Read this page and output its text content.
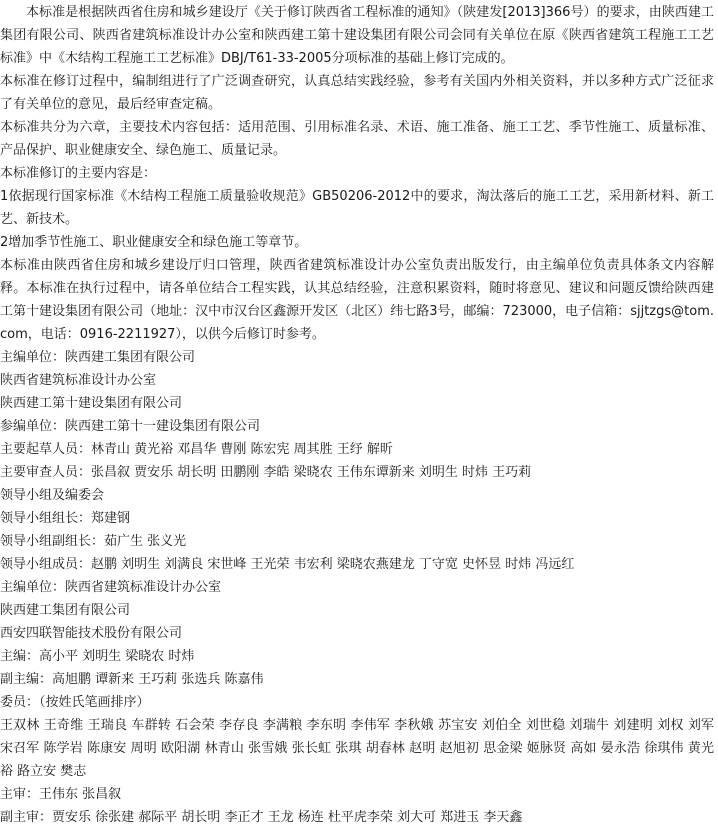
本标准是根据陕西省住房和城乡建设厅《关于修订陕西省工程标准的通知》（陕建发[2013]366号）的要求，由陕西建工集团有限公司、陕西省建筑标准设计办公室和陕西建工第十建设集团有限公司会同有关单位在原《陕西省建筑工程施工工艺标准》中《木结构工程施工工艺标准》DBJ/T61-33-2005分项标准的基础上修订完成的。

本标准在修订过程中，编制组进行了广泛调查研究，认真总结实践经验，参考有关国内外相关资料，并以多种方式广泛征求了有关单位的意见，最后经审查定稿。

本标准共分为六章，主要技术内容包括：适用范围、引用标准名录、术语、施工准备、施工工艺、季节性施工、质量标准、产品保护、职业健康安全、绿色施工、质量记录。

本标准修订的主要内容是：

1依据现行国家标准《木结构工程施工质量验收规范》GB50206-2012中的要求，淘汰落后的施工工艺，采用新材料、新工艺、新技术。

2增加季节性施工、职业健康安全和绿色施工等章节。

本标准由陕西省住房和城乡建设厅归口管理，陕西省建筑标准设计办公室负责出版发行，由主编单位负责具体条文内容解释。本标准在执行过程中，请各单位结合工程实践，认其总结经验，注意积累资料，随时将意见、建议和问题反馈给陕西建工第十建设集团有限公司（地址：汉中市汉台区鑫源开发区（北区）纬七路3号，邮编：723000，电子信箱：sjjtzgs@tom.com，电话：0916-2211927），以供今后修订时参考。

主编单位：陕西建工集团有限公司

陕西省建筑标准设计办公室

陕西建工第十建设集团有限公司

参编单位：陕西建工第十一建设集团有限公司

主要起草人员：林青山 黄光裕 邓昌华 曹刚 陈宏宪 周其胜 王纾 解昕

主要审查人员：张昌叙 贾安乐 胡长明 田鹏刚 李皓 梁晓农 王伟东谭新来 刘明生 时炜 王巧莉

领导小组及编委会

领导小组组长：郑建钢

领导小组副组长：茹广生 张义光

领导小组成员：赵鹏 刘明生 刘满良 宋世峰 王光荣 韦宏利 梁晓农燕建龙 丁守宽 史怀昱 时炜 冯远红

主编单位：陕西省建筑标准设计办公室

陕西建工集团有限公司

西安四联智能技术股份有限公司

主编：高小平 刘明生 梁晓农 时炜

副主编：高旭鹏 谭新来 王巧莉 张选兵 陈嘉伟

委员：（按姓氏笔画排序）

王双林 王奇维 王瑞良 车群转 石会荣 李存良 李满粮 李东明 李伟军 李秋娥 苏宝安 刘伯全 刘世稳 刘瑞牛 刘建明 刘权 刘军 宋召军 陈学岩 陈康安 周明 欧阳湖 林青山 张雪娥 张长虹 张琪 胡春林 赵明 赵旭初 思金梁 姬脉贤 高如 晏永浩 徐琪伟 黄光裕 路立安 樊志

主审：王伟东 张昌叙

副主审：贾安乐 徐张建 郝际平 胡长明 李正才 王龙 杨连 杜平虎李荣 刘大可 郑进玉 李天鑫
